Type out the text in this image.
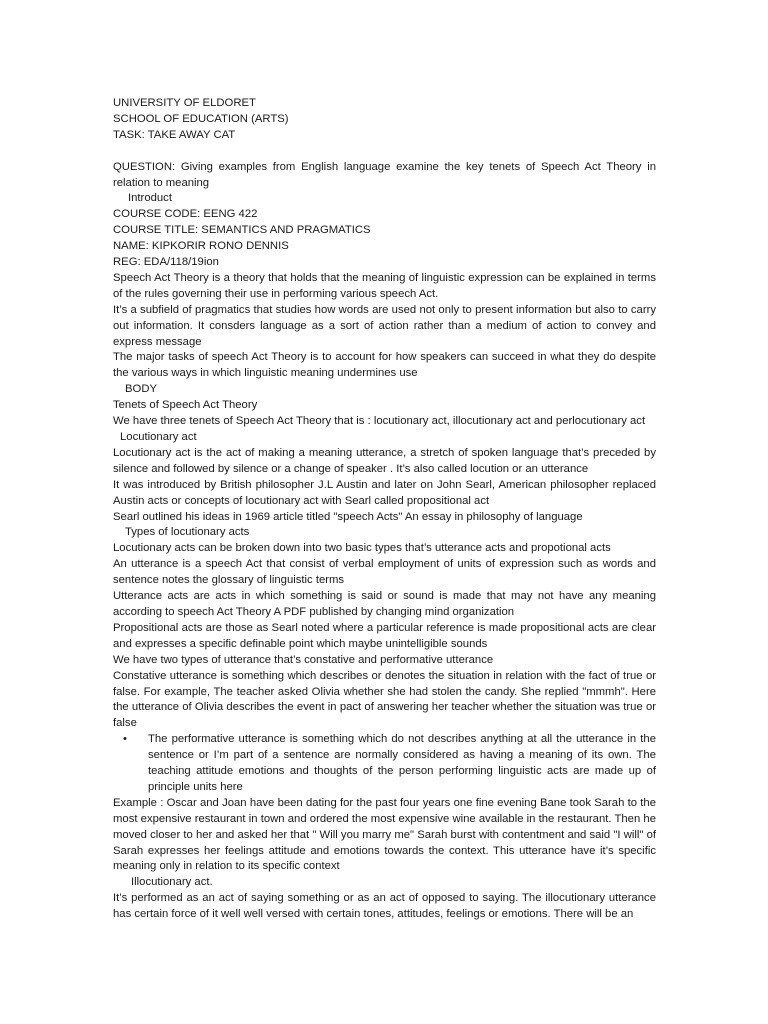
UNIVERSITY OF ELDORET
SCHOOL OF EDUCATION (ARTS)
TASK: TAKE AWAY CAT

QUESTION: Giving examples from English language examine the key tenets of Speech Act Theory in relation to meaning

Introduct
COURSE CODE: EENG 422
COURSE TITLE: SEMANTICS AND PRAGMATICS
NAME: KIPKORIR RONO DENNIS
REG: EDA/118/19ion

Speech Act Theory is a theory that holds that the meaning of linguistic expression can be explained in terms of the rules governing their use in performing various speech Act.

It’s a subfield of pragmatics that studies how words are used not only to present information but also to carry out information. It consders language as a sort of action rather than a medium of action to convey and express message

The major tasks of speech Act Theory is to account for how speakers can succeed in what they do despite the various ways in which linguistic meaning undermines use

BODY
Tenets of Speech Act Theory

We have three tenets of Speech Act Theory that is : locutionary act, illocutionary act and perlocutionary act

Locutionary act

Locutionary act is the act of making a meaning utterance, a stretch of spoken language that’s preceded by silence and followed by silence or a change of speaker . It’s also called locution or an utterance

It was introduced by British philosopher J.L Austin and later on John Searl, American philosopher replaced Austin acts or concepts of locutionary act with Searl called propositional act

Searl outlined his ideas in 1969 article titled "speech Acts" An essay in philosophy of language

Types of locutionary acts

Locutionary acts can be broken down into two basic types that’s utterance acts and propotional acts

An utterance is a speech Act that consist of verbal employment of units of expression such as words and sentence notes the glossary of linguistic terms

Utterance acts are acts in which something is said or sound is made that may not have any meaning according to speech Act Theory A PDF published by changing mind organization

Propositional acts are those as Searl noted where a particular reference is made propositional acts are clear and expresses a specific definable point which maybe unintelligible sounds

We have two types of utterance that’s constative and performative utterance

Constative utterance is something which describes or denotes the situation in relation with the fact of true or false. For example, The teacher asked Olivia whether she had stolen the candy. She replied "mmmh". Here the utterance of Olivia describes the event in pact of answering her teacher whether the situation was true or false

• The performative utterance is something which do not describes anything at all the utterance in the sentence or I’m part of a sentence are normally considered as having a meaning of its own. The teaching attitude emotions and thoughts of the person performing linguistic acts are made up of principle units here

Example : Oscar and Joan have been dating for the past four years one fine evening Bane took Sarah to the most expensive restaurant in town and ordered the most expensive wine available in the restaurant. Then he moved closer to her and asked her that " Will you marry me" Sarah burst with contentment and said "I will" of Sarah expresses her feelings attitude and emotions towards the context. This utterance have it’s specific meaning only in relation to its specific context

Illocutionary act.

It’s performed as an act of saying something or as an act of opposed to saying. The illocutionary utterance has certain force of it well well versed with certain tones, attitudes, feelings or emotions. There will be an
